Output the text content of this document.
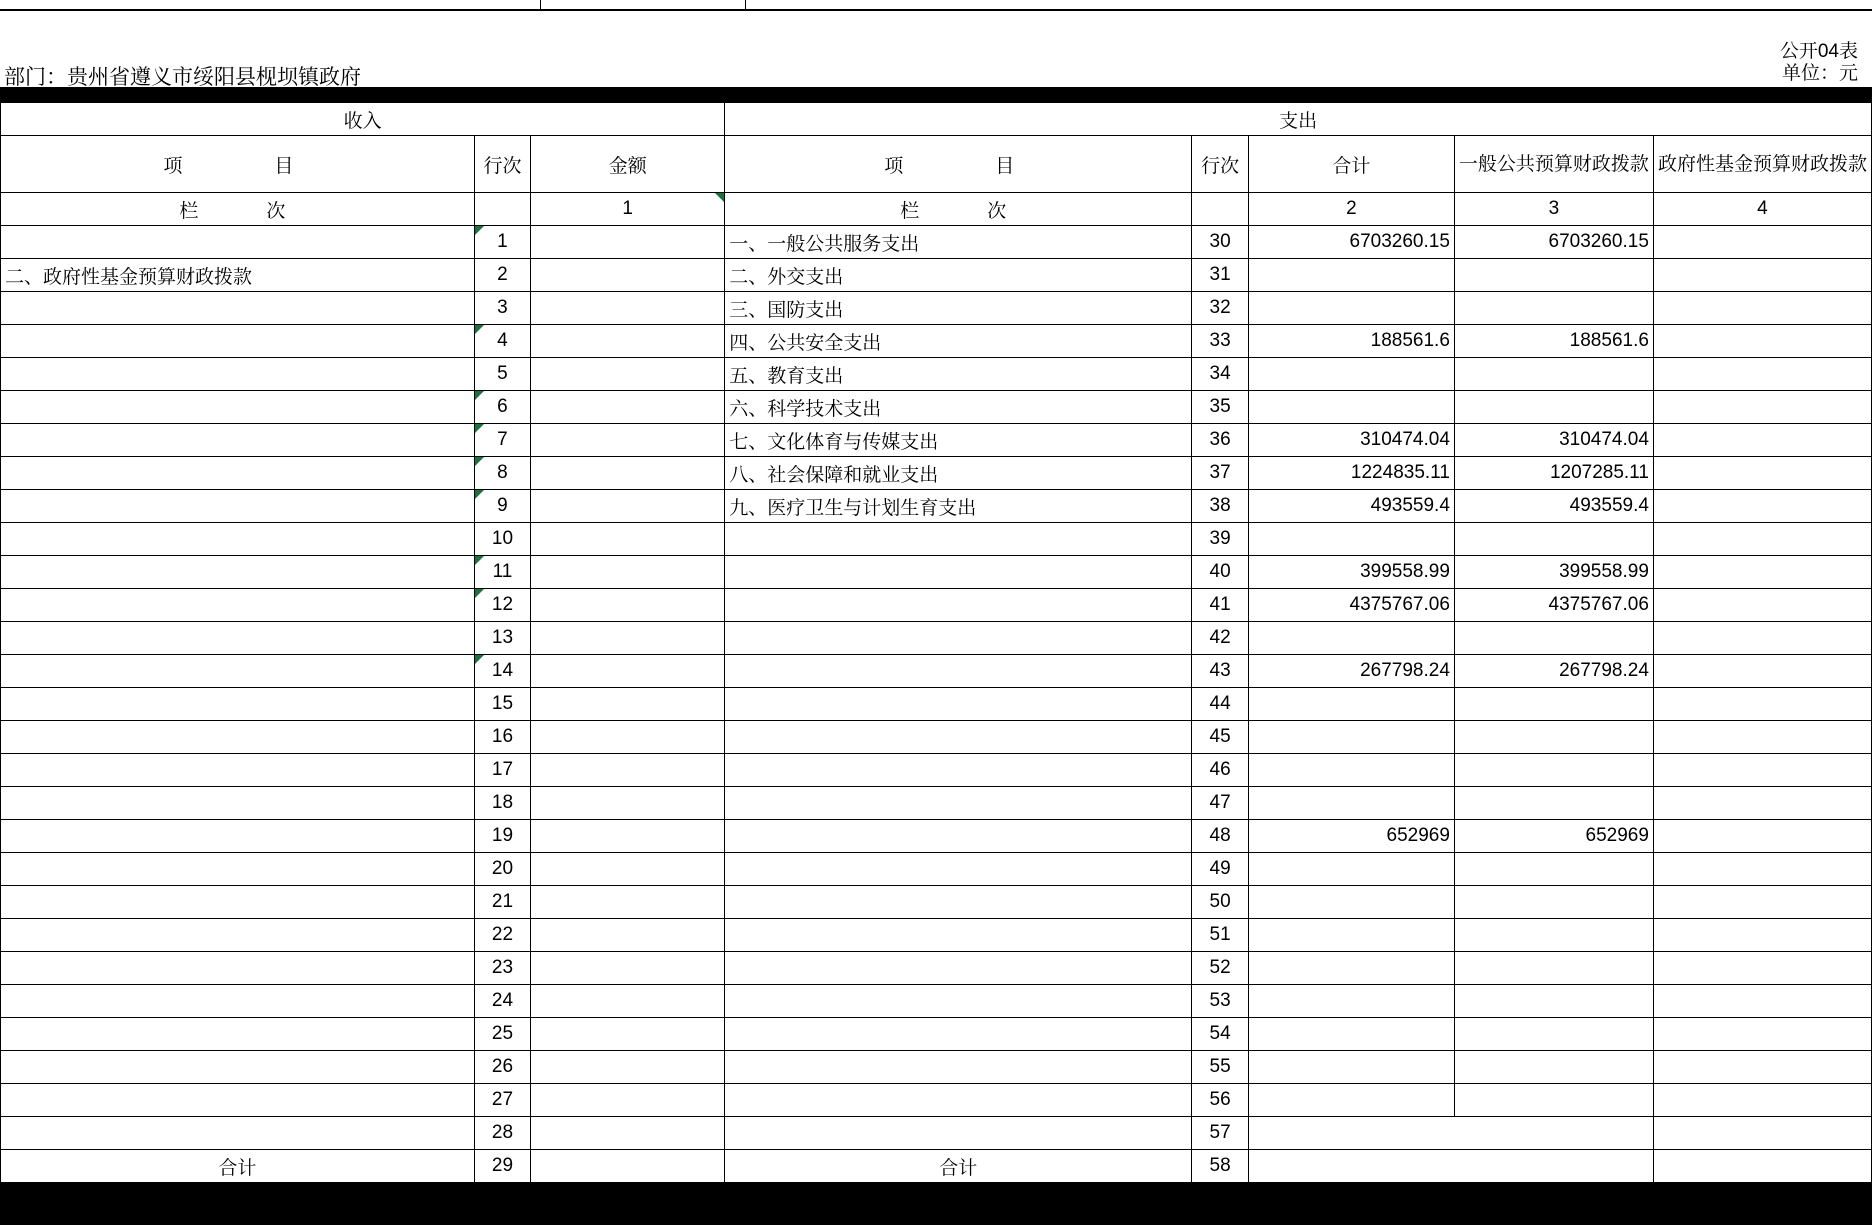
公开04表
单位：元
部门：贵州省遵义市绥阳县枧坝镇政府
收入			支出				
项　　目	行次	金额	项　　目	行次	合计	一般公共预算财政拨款	政府性基金预算财政拨款
栏　　次		1	栏　　次		2	3	4
	1		一、一般公共服务支出	30	6703260.15	6703260.15	
二、政府性基金预算财政拨款	2		二、外交支出	31			
	3		三、国防支出	32			
	4		四、公共安全支出	33	188561.6	188561.6	
	5		五、教育支出	34			
	6		六、科学技术支出	35			
	7		七、文化体育与传媒支出	36	310474.04	310474.04	
	8		八、社会保障和就业支出	37	1224835.11	1207285.11	
	9		九、医疗卫生与计划生育支出	38	493559.4	493559.4	
	10			39			
	11			40	399558.99	399558.99	
	12			41	4375767.06	4375767.06	
	13			42			
	14			43	267798.24	267798.24	
	15			44			
	16			45			
	17			46			
	18			47			
	19			48	652969	652969	
	20			49			
	21			50			
	22			51			
	23			52			
	24			53			
	25			54			
	26			55			
	27			56			
	28			57			
合计	29		合计	58			
